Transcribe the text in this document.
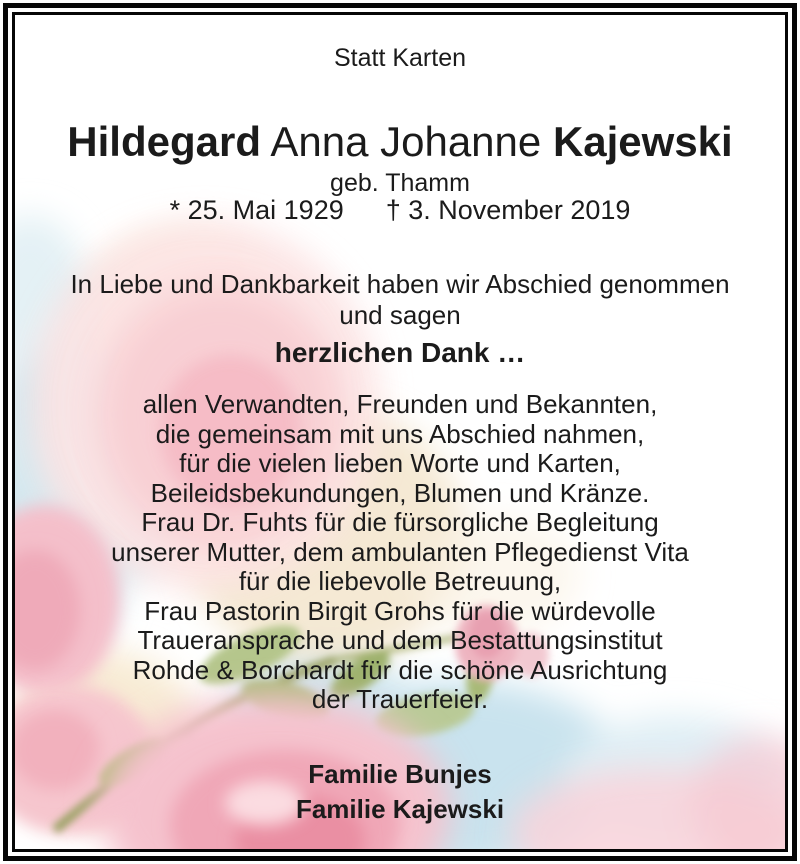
Statt Karten
Hildegard Anna Johanne Kajewski
geb. Thamm
* 25. Mai 1929 † 3. November 2019
In Liebe und Dankbarkeit haben wir Abschied genommen
und sagen
herzlichen Dank …
allen Verwandten, Freunden und Bekannten,
die gemeinsam mit uns Abschied nahmen,
für die vielen lieben Worte und Karten,
Beileidsbekundungen, Blumen und Kränze.
Frau Dr. Fuhts für die fürsorgliche Begleitung
unserer Mutter, dem ambulanten Pflegedienst Vita
für die liebevolle Betreuung,
Frau Pastorin Birgit Grohs für die würdevolle
Traueransprache und dem Bestattungsinstitut
Rohde & Borchardt für die schöne Ausrichtung
der Trauerfeier.
Familie Bunjes
Familie Kajewski
